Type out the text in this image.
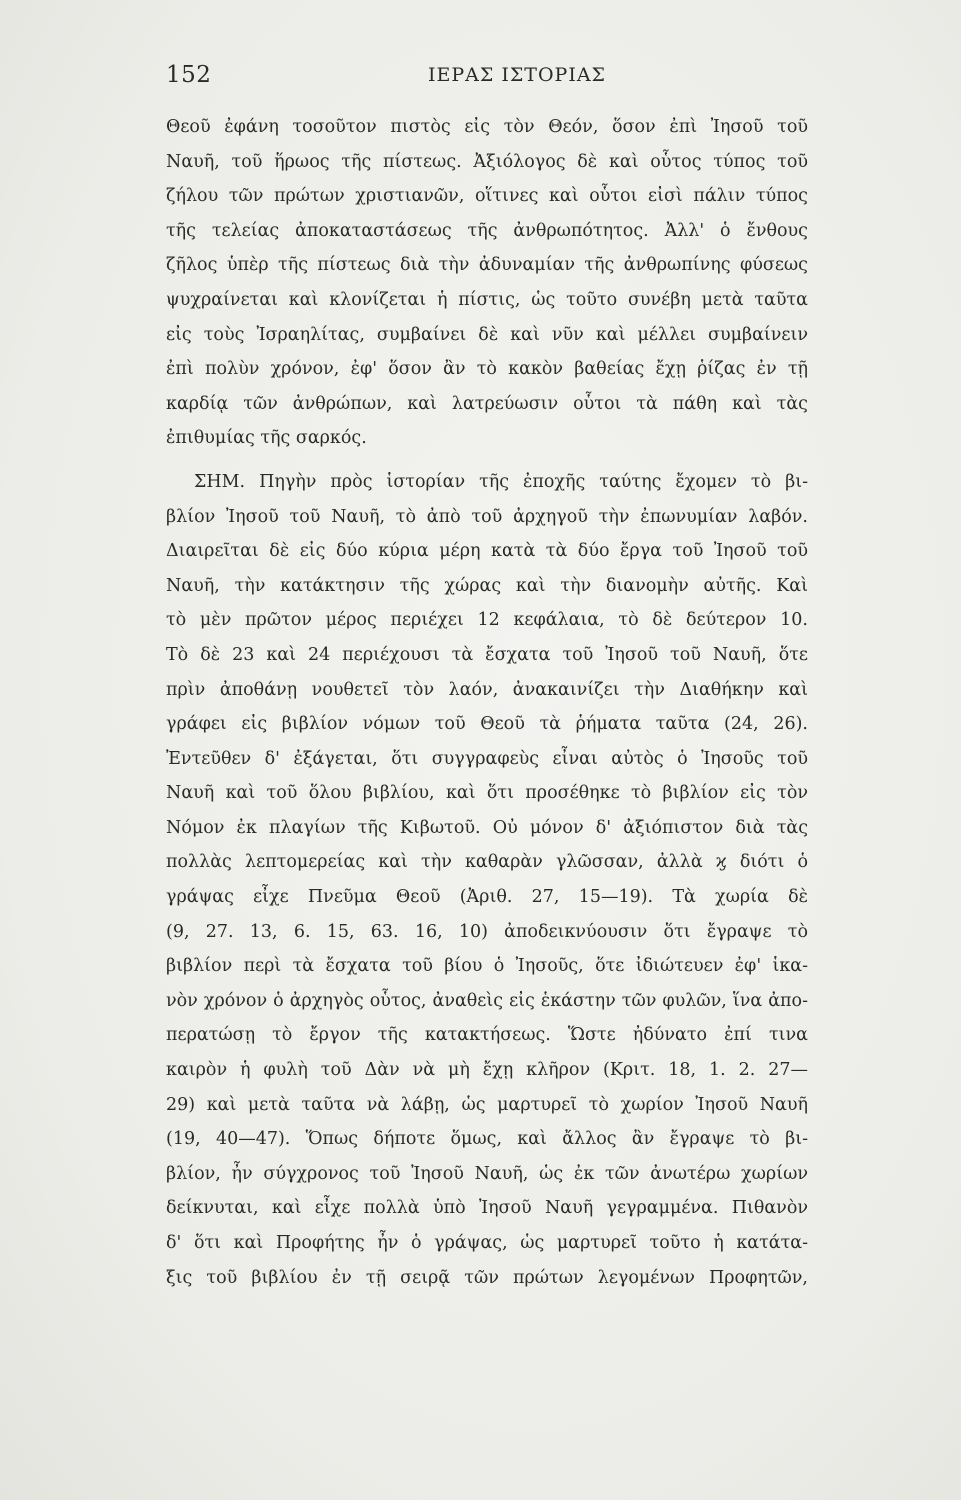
152	ΙΕΡΑΣ ΙΣΤΟΡΙΑΣ
Θεοῦ ἐφάνη τοσοῦτον πιστὸς εἰς τὸν Θεόν, ὅσον ἐπὶ Ἰησοῦ τοῦ
Ναυῆ, τοῦ ἥρωος τῆς πίστεως. Ἀξιόλογος δὲ καὶ οὗτος τύπος τοῦ
ζήλου τῶν πρώτων χριστιανῶν, οἵτινες καὶ οὗτοι εἰσὶ πάλιν τύπος
τῆς τελείας ἀποκαταστάσεως τῆς ἀνθρωπότητος. Ἀλλ' ὁ ἔνθους
ζῆλος ὑπὲρ τῆς πίστεως διὰ τὴν ἀδυναμίαν τῆς ἀνθρωπίνης φύσεως
ψυχραίνεται καὶ κλονίζεται ἡ πίστις, ὡς τοῦτο συνέβη μετὰ ταῦτα
εἰς τοὺς Ἰσραηλίτας, συμβαίνει δὲ καὶ νῦν καὶ μέλλει συμβαίνειν
ἐπὶ πολὺν χρόνον, ἐφ' ὅσον ἂν τὸ κακὸν βαθείας ἔχῃ ῥίζας ἐν τῇ
καρδίᾳ τῶν ἀνθρώπων, καὶ λατρεύωσιν οὗτοι τὰ πάθη καὶ τὰς
ἐπιθυμίας τῆς σαρκός.
ΣΗΜ. Πηγὴν πρὸς ἱστορίαν τῆς ἐποχῆς ταύτης ἔχομεν τὸ βι-
βλίον Ἰησοῦ τοῦ Ναυῆ, τὸ ἀπὸ τοῦ ἀρχηγοῦ τὴν ἐπωνυμίαν λαβόν.
Διαιρεῖται δὲ εἰς δύο κύρια μέρη κατὰ τὰ δύο ἔργα τοῦ Ἰησοῦ τοῦ
Ναυῆ, τὴν κατάκτησιν τῆς χώρας καὶ τὴν διανομὴν αὐτῆς. Καὶ
τὸ μὲν πρῶτον μέρος περιέχει 12 κεφάλαια, τὸ δὲ δεύτερον 10.
Τὸ δὲ 23 καὶ 24 περιέχουσι τὰ ἔσχατα τοῦ Ἰησοῦ τοῦ Ναυῆ, ὅτε
πρὶν ἀποθάνῃ νουθετεῖ τὸν λαόν, ἀνακαινίζει τὴν Διαθήκην καὶ
γράφει εἰς βιβλίον νόμων τοῦ Θεοῦ τὰ ῥήματα ταῦτα (24, 26).
Ἐντεῦθεν δ' ἐξάγεται, ὅτι συγγραφεὺς εἶναι αὐτὸς ὁ Ἰησοῦς τοῦ
Ναυῆ καὶ τοῦ ὅλου βιβλίου, καὶ ὅτι προσέθηκε τὸ βιβλίον εἰς τὸν
Νόμον ἐκ πλαγίων τῆς Κιβωτοῦ. Οὐ μόνον δ' ἀξιόπιστον διὰ τὰς
πολλὰς λεπτομερείας καὶ τὴν καθαρὰν γλῶσσαν, ἀλλὰ ϗ διότι ὁ
γράψας εἶχε Πνεῦμα Θεοῦ (Ἀριθ. 27, 15—19). Τὰ χωρία δὲ
(9, 27. 13, 6. 15, 63. 16, 10) ἀποδεικνύουσιν ὅτι ἔγραψε τὸ
βιβλίον περὶ τὰ ἔσχατα τοῦ βίου ὁ Ἰησοῦς, ὅτε ἰδιώτευεν ἐφ' ἱκα-
νὸν χρόνον ὁ ἀρχηγὸς οὗτος, ἀναθεὶς εἰς ἑκάστην τῶν φυλῶν, ἵνα ἀπο-
περατώσῃ τὸ ἔργον τῆς κατακτήσεως. Ὥστε ἠδύνατο ἐπί τινα
καιρὸν ἡ φυλὴ τοῦ Δὰν νὰ μὴ ἔχῃ κλῆρον (Κριτ. 18, 1. 2. 27—
29) καὶ μετὰ ταῦτα νὰ λάβῃ, ὡς μαρτυρεῖ τὸ χωρίον Ἰησοῦ Ναυῆ
(19, 40—47). Ὅπως δήποτε ὅμως, καὶ ἄλλος ἂν ἔγραψε τὸ βι-
βλίον, ἦν σύγχρονος τοῦ Ἰησοῦ Ναυῆ, ὡς ἐκ τῶν ἀνωτέρω χωρίων
δείκνυται, καὶ εἶχε πολλὰ ὑπὸ Ἰησοῦ Ναυῆ γεγραμμένα. Πιθανὸν
δ' ὅτι καὶ Προφήτης ἦν ὁ γράψας, ὡς μαρτυρεῖ τοῦτο ἡ κατάτα-
ξις τοῦ βιβλίου ἐν τῇ σειρᾷ τῶν πρώτων λεγομένων Προφητῶν,
